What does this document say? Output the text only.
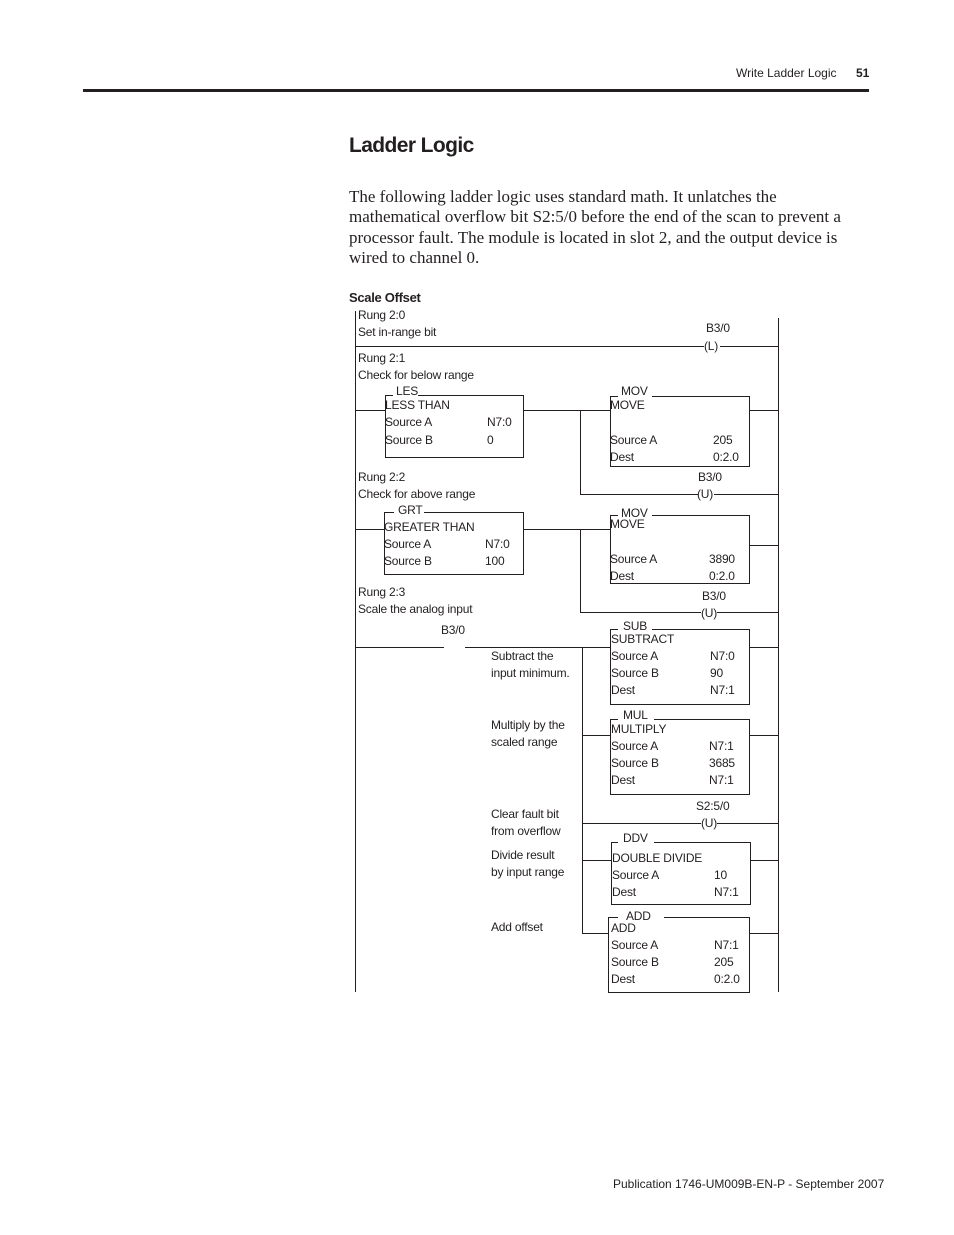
Write Ladder Logic 51
Ladder Logic
The following ladder logic uses standard math. It unlatches the mathematical overflow bit S2:5/0 before the end of the scan to prevent a processor fault. The module is located in slot 2, and the output device is wired to channel 0.
Scale Offset
Rung 2:0
Set in-range bit	B3/0
(L)
Rung 2:1
Check for below range
LES
LESS THAN
Source A	N7:0
Source B	0
MOV
MOVE
Source A	205
Dest	0:2.0
B3/0
(U)
Rung 2:2
Check for above range
GRT
GREATER THAN
Source A	N7:0
Source B	100
MOV
MOVE
Source A	3890
Dest	0:2.0
B3/0
(U)
Rung 2:3
Scale the analog input
B3/0
Subtract the
input minimum.
SUB
SUBTRACT
Source A	N7:0
Source B	90
Dest	N7:1
Multiply by the
scaled range
MUL
MULTIPLY
Source A	N7:1
Source B	3685
Dest	N7:1
Clear fault bit
from overflow
S2:5/0
(U)
Divide result
by input range
DDV
DOUBLE DIVIDE
Source A	10
Dest	N7:1
Add offset
ADD
ADD
Source A	N7:1
Source B	205
Dest	0:2.0
Publication 1746-UM009B-EN-P - September 2007
